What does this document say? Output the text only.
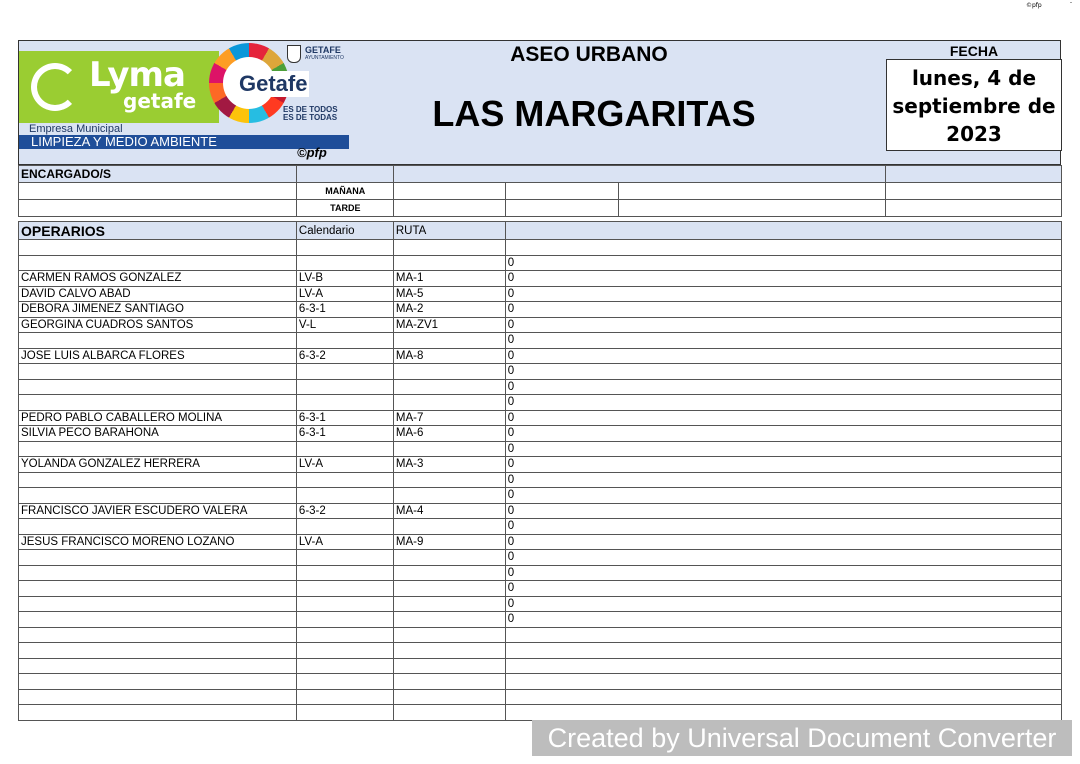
©pfp	-
Lyma
getafe
Empresa Municipal
LIMPIEZA Y MEDIO AMBIENTE
Getafe
GETAFE
AYUNTAMIENTO
ES DE TODOS
ES DE TODAS
©pfp
ASEO URBANO
LAS MARGARITAS
FECHA
lunes, 4 de
septiembre de
2023
ENCARGADO/S					
	MAÑANA				
	TARDE				
OPERARIOS	Calendario	RUTA	

			0
CARMEN RAMOS GONZALEZ	LV-B	MA-1	0
DAVID CALVO ABAD	LV-A	MA-5	0
DEBORA JIMENEZ SANTIAGO	6-3-1	MA-2	0
GEORGINA CUADROS SANTOS	V-L	MA-ZV1	0
			0
JOSE LUIS ALBARCA FLORES	6-3-2	MA-8	0
			0
			0
			0
PEDRO PABLO CABALLERO MOLINA	6-3-1	MA-7	0
SILVIA PECO BARAHONA	6-3-1	MA-6	0
			0
YOLANDA GONZALEZ HERRERA	LV-A	MA-3	0
			0
			0
FRANCISCO JAVIER ESCUDERO VALERA	6-3-2	MA-4	0
			0
JESUS FRANCISCO MORENO LOZANO	LV-A	MA-9	0
			0
			0
			0
			0
			0

Created by Universal Document Converter
